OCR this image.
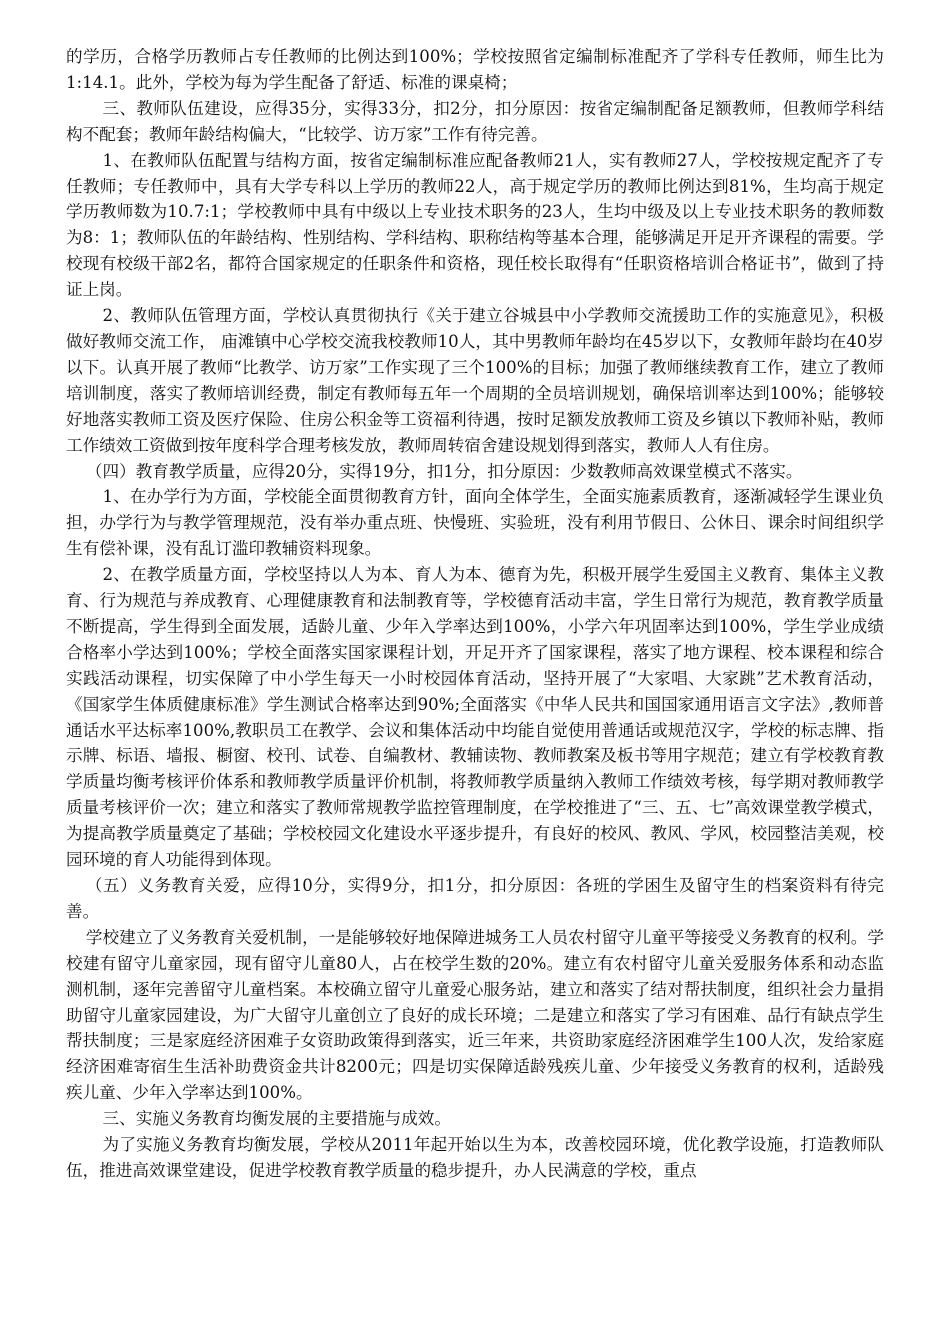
的学历，合格学历教师占专任教师的比例达到100%；学校按照省定编制标准配齐了学科专任教师，师生比为1:14.1。此外，学校为每为学生配备了舒适、标准的课桌椅；

三、教师队伍建设，应得35分，实得33分，扣2分，扣分原因：按省定编制配备足额教师，但教师学科结构不配套；教师年龄结构偏大，“比较学、访万家”工作有待完善。

1、在教师队伍配置与结构方面，按省定编制标准应配备教师21人，实有教师27人，学校按规定配齐了专任教师；专任教师中，具有大学专科以上学历的教师22人，高于规定学历的教师比例达到81%，生均高于规定学历教师数为10.7:1；学校教师中具有中级以上专业技术职务的23人，生均中级及以上专业技术职务的教师数为8：1；教师队伍的年龄结构、性别结构、学科结构、职称结构等基本合理，能够满足开足开齐课程的需要。学校现有校级干部2名，都符合国家规定的任职条件和资格，现任校长取得有“任职资格培训合格证书”，做到了持证上岗。

2、教师队伍管理方面，学校认真贯彻执行《关于建立谷城县中小学教师交流援助工作的实施意见》，积极做好教师交流工作， 庙滩镇中心学校交流我校教师10人，其中男教师年龄均在45岁以下，女教师年龄均在40岁以下。认真开展了教师“比教学、访万家”工作实现了三个100%的目标；加强了教师继续教育工作，建立了教师培训制度，落实了教师培训经费，制定有教师每五年一个周期的全员培训规划，确保培训率达到100%；能够较好地落实教师工资及医疗保险、住房公积金等工资福利待遇，按时足额发放教师工资及乡镇以下教师补贴，教师工作绩效工资做到按年度科学合理考核发放，教师周转宿舍建设规划得到落实，教师人人有住房。

（四）教育教学质量，应得20分，实得19分，扣1分，扣分原因：少数教师高效课堂模式不落实。

1、在办学行为方面，学校能全面贯彻教育方针，面向全体学生，全面实施素质教育，逐渐减轻学生课业负担，办学行为与教学管理规范，没有举办重点班、快慢班、实验班，没有利用节假日、公休日、课余时间组织学生有偿补课，没有乱订滥印教辅资料现象。

2、在教学质量方面，学校坚持以人为本、育人为本、德育为先，积极开展学生爱国主义教育、集体主义教育、行为规范与养成教育、心理健康教育和法制教育等，学校德育活动丰富，学生日常行为规范，教育教学质量不断提高，学生得到全面发展，适龄儿童、少年入学率达到100%，小学六年巩固率达到100%，学生学业成绩合格率小学达到100%；学校全面落实国家课程计划，开足开齐了国家课程，落实了地方课程、校本课程和综合实践活动课程，切实保障了中小学生每天一小时校园体育活动，坚持开展了“大家唱、大家跳”艺术教育活动，《国家学生体质健康标准》学生测试合格率达到90%;全面落实《中华人民共和国国家通用语言文字法》,教师普通话水平达标率100%,教职员工在教学、会议和集体活动中均能自觉使用普通话或规范汉字，学校的标志牌、指示牌、标语、墙报、橱窗、校刊、试卷、自编教材、教辅读物、教师教案及板书等用字规范；建立有学校教育教学质量均衡考核评价体系和教师教学质量评价机制，将教师教学质量纳入教师工作绩效考核，每学期对教师教学质量考核评价一次；建立和落实了教师常规教学监控管理制度，在学校推进了“三、五、七”高效课堂教学模式，为提高教学质量奠定了基础；学校校园文化建设水平逐步提升，有良好的校风、教风、学风，校园整洁美观，校园环境的育人功能得到体现。

（五）义务教育关爱，应得10分，实得9分，扣1分，扣分原因：各班的学困生及留守生的档案资料有待完善。

学校建立了义务教育关爱机制，一是能够较好地保障进城务工人员农村留守儿童平等接受义务教育的权利。学校建有留守儿童家园，现有留守儿童80人，占在校学生数的20%。建立有农村留守儿童关爱服务体系和动态监测机制，逐年完善留守儿童档案。本校确立留守儿童爱心服务站，建立和落实了结对帮扶制度，组织社会力量捐助留守儿童家园建设，为广大留守儿童创立了良好的成长环境；二是建立和落实了学习有困难、品行有缺点学生帮扶制度；三是家庭经济困难子女资助政策得到落实，近三年来，共资助家庭经济困难学生100人次，发给家庭经济困难寄宿生生活补助费资金共计8200元；四是切实保障适龄残疾儿童、少年接受义务教育的权利，适龄残疾儿童、少年入学率达到100%。

三、实施义务教育均衡发展的主要措施与成效。

为了实施义务教育均衡发展，学校从2011年起开始以生为本，改善校园环境，优化教学设施，打造教师队伍，推进高效课堂建设，促进学校教育教学质量的稳步提升，办人民满意的学校，重点
